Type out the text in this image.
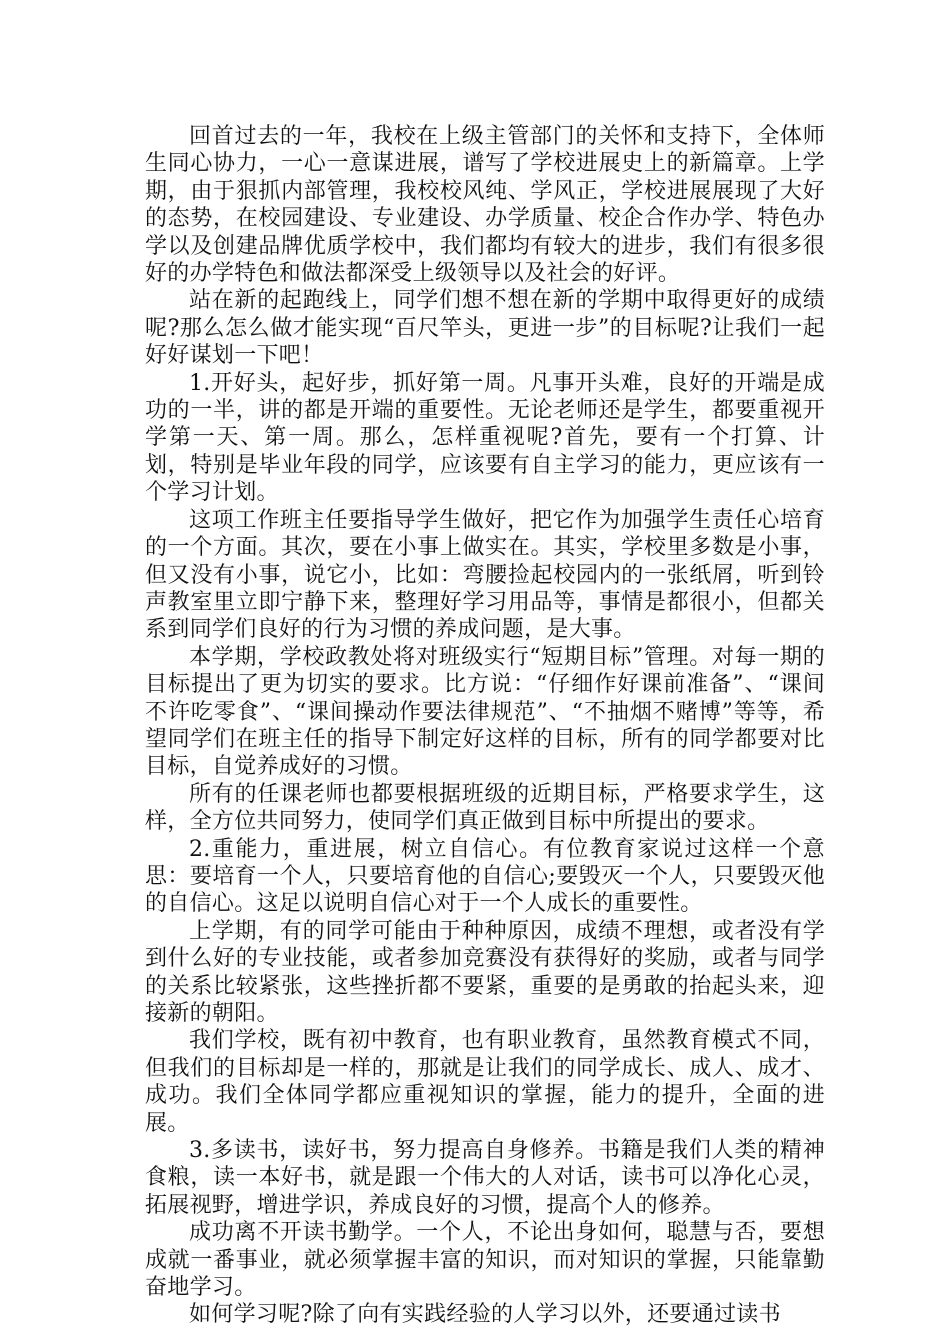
回首过去的一年，我校在上级主管部门的关怀和支持下，全体师生同心协力，一心一意谋进展，谱写了学校进展史上的新篇章。上学期，由于狠抓内部管理，我校校风纯、学风正，学校进展展现了大好的态势，在校园建设、专业建设、办学质量、校企合作办学、特色办学以及创建品牌优质学校中，我们都均有较大的进步，我们有很多很好的办学特色和做法都深受上级领导以及社会的好评。

站在新的起跑线上，同学们想不想在新的学期中取得更好的成绩呢?那么怎么做才能实现“百尺竿头，更进一步”的目标呢?让我们一起好好谋划一下吧！

1.开好头，起好步，抓好第一周。凡事开头难，良好的开端是成功的一半，讲的都是开端的重要性。无论老师还是学生，都要重视开学第一天、第一周。那么，怎样重视呢?首先，要有一个打算、计划，特别是毕业年段的同学，应该要有自主学习的能力，更应该有一个学习计划。

这项工作班主任要指导学生做好，把它作为加强学生责任心培育的一个方面。其次，要在小事上做实在。其实，学校里多数是小事，但又没有小事，说它小，比如：弯腰捡起校园内的一张纸屑，听到铃声教室里立即宁静下来，整理好学习用品等，事情是都很小，但都关系到同学们良好的行为习惯的养成问题，是大事。

本学期，学校政教处将对班级实行“短期目标”管理。对每一期的目标提出了更为切实的要求。比方说：“仔细作好课前准备”、“课间不许吃零食”、“课间操动作要法律规范”、“不抽烟不赌博”等等，希望同学们在班主任的指导下制定好这样的目标，所有的同学都要对比目标，自觉养成好的习惯。

所有的任课老师也都要根据班级的近期目标，严格要求学生，这样，全方位共同努力，使同学们真正做到目标中所提出的要求。

2.重能力，重进展，树立自信心。有位教育家说过这样一个意思：要培育一个人，只要培育他的自信心;要毁灭一个人，只要毁灭他的自信心。这足以说明自信心对于一个人成长的重要性。

上学期，有的同学可能由于种种原因，成绩不理想，或者没有学到什么好的专业技能，或者参加竞赛没有获得好的奖励，或者与同学的关系比较紧张，这些挫折都不要紧，重要的是勇敢的抬起头来，迎接新的朝阳。

我们学校，既有初中教育，也有职业教育，虽然教育模式不同，但我们的目标却是一样的，那就是让我们的同学成长、成人、成才、成功。我们全体同学都应重视知识的掌握，能力的提升，全面的进展。

3.多读书，读好书，努力提高自身修养。书籍是我们人类的精神食粮，读一本好书，就是跟一个伟大的人对话，读书可以净化心灵，拓展视野，增进学识，养成良好的习惯，提高个人的修养。

成功离不开读书勤学。一个人，不论出身如何，聪慧与否，要想成就一番事业，就必须掌握丰富的知识，而对知识的掌握，只能靠勤奋地学习。

如何学习呢?除了向有实践经验的人学习以外，还要通过读书
